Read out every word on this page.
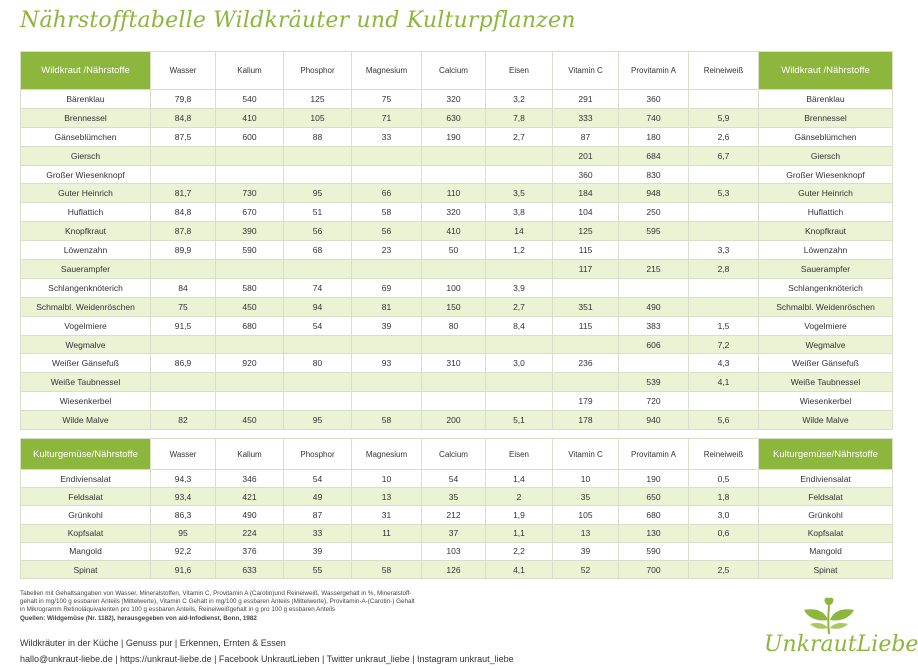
Nährstofftabelle Wildkräuter und Kulturpflanzen
Wildkraut /Nährstoffe	Wasser	Kalium	Phosphor	Magnesium	Calcium	Eisen	Vitamin C	Provitamin A	Reineiweiß	Wildkraut /Nährstoffe
Bärenklau	79,8	540	125	75	320	3,2	291	360		Bärenklau
Brennessel	84,8	410	105	71	630	7,8	333	740	5,9	Brennessel
Gänseblümchen	87,5	600	88	33	190	2,7	87	180	2,6	Gänseblümchen
Giersch							201	684	6,7	Giersch
Großer Wiesenknopf							360	830		Großer Wiesenknopf
Guter Heinrich	81,7	730	95	66	110	3,5	184	948	5,3	Guter Heinrich
Huflattich	84,8	670	51	58	320	3,8	104	250		Huflattich
Knopfkraut	87,8	390	56	56	410	14	125	595		Knopfkraut
Löwenzahn	89,9	590	68	23	50	1,2	115		3,3	Löwenzahn
Sauerampfer							117	215	2,8	Sauerampfer
Schlangenknöterich	84	580	74	69	100	3,9				Schlangenknöterich
Schmalbl. Weidenröschen	75	450	94	81	150	2,7	351	490		Schmalbl. Weidenröschen
Vogelmiere	91,5	680	54	39	80	8,4	115	383	1,5	Vogelmiere
Wegmalve								606	7,2	Wegmalve
Weißer Gänsefuß	86,9	920	80	93	310	3,0	236		4,3	Weißer Gänsefuß
Weiße Taubnessel								539	4,1	Weiße Taubnessel
Wiesenkerbel							179	720		Wiesenkerbel
Wilde Malve	82	450	95	58	200	5,1	178	940	5,6	Wilde Malve
Kulturgemüse/Nährstoffe	Wasser	Kalium	Phosphor	Magnesium	Calcium	Eisen	Vitamin C	Provitamin A	Reineiweiß	Kulturgemüse/Nährstoffe
Endiviensalat	94,3	346	54	10	54	1,4	10	190	0,5	Endiviensalat
Feldsalat	93,4	421	49	13	35	2	35	650	1,8	Feldsalat
Grünkohl	86,3	490	87	31	212	1,9	105	680	3,0	Grünkohl
Kopfsalat	95	224	33	11	37	1,1	13	130	0,6	Kopfsalat
Mangold	92,2	376	39		103	2,2	39	590		Mangold
Spinat	91,6	633	55	58	126	4,1	52	700	2,5	Spinat
Tabellen mit Gehaltsangaben von Wasser, Mineralstoffen, Vitamin C, Provitamin A (Carotin)und Reineiweiß, Wassergehalt in %, Mineralstoff-
gehalt in mg/100 g essbaren Anteils (Mittelwerte), Vitamin C Gehalt in mg/100 g essbaren Anteils (Mittelwerte), Provitamin-A-(Carotin-) Gehalt
in Mikrogramm Retinoläquivalenten pro 100 g essbaren Anteils, Reineiweißgehalt in g pro 100 g essbaren Anteils
Quellen: Wildgemüse (Nr. 1182), herausgegeben von aid-Infodienst, Bonn, 1982
Wildkräuter in der Küche | Genuss pur | Erkennen, Ernten & Essen
hallo@unkraut-liebe.de | https://unkraut-liebe.de | Facebook UnkrautLieben | Twitter unkraut_liebe | Instagram unkraut_liebe
UnkrautLiebe
